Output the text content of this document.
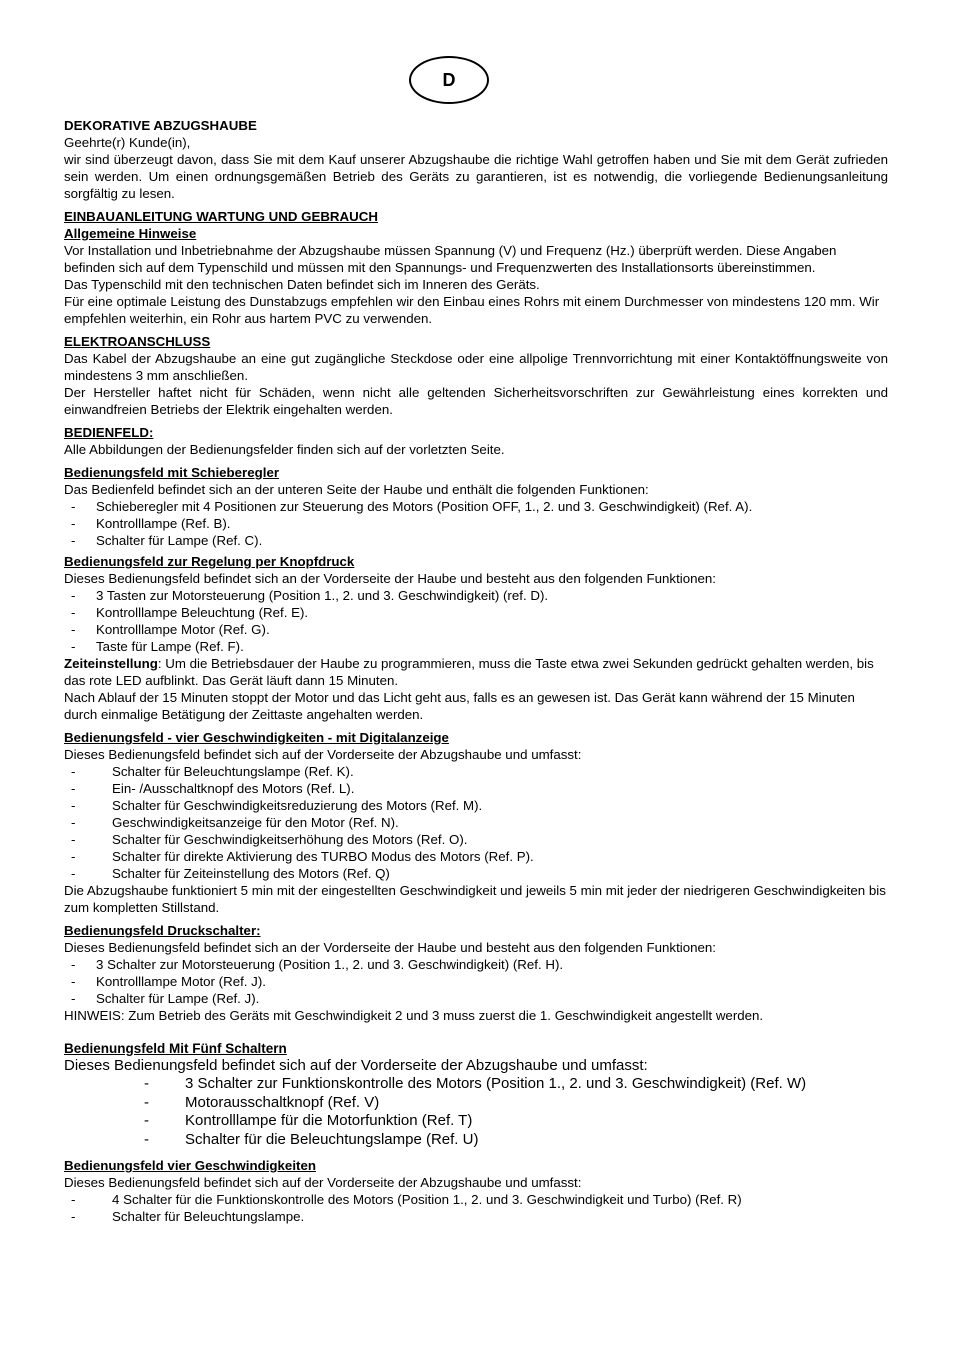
D

DEKORATIVE ABZUGSHAUBE

Geehrte(r) Kunde(in),

wir sind überzeugt davon, dass Sie mit dem Kauf unserer Abzugshaube die richtige Wahl getroffen haben und Sie mit dem Gerät zufrieden sein werden. Um einen ordnungsgemäßen Betrieb des Geräts zu garantieren, ist es notwendig, die vorliegende Bedienungsanleitung sorgfältig zu lesen.

EINBAUANLEITUNG WARTUNG UND GEBRAUCH

Allgemeine Hinweise

Vor Installation und Inbetriebnahme der Abzugshaube müssen Spannung (V) und Frequenz (Hz.) überprüft werden. Diese Angaben befinden sich auf dem Typenschild und müssen mit den Spannungs- und Frequenzwerten des Installationsorts übereinstimmen.

Das Typenschild mit den technischen Daten befindet sich im Inneren des Geräts.

Für eine optimale Leistung des Dunstabzugs empfehlen wir den Einbau eines Rohrs mit einem Durchmesser von mindestens 120 mm. Wir empfehlen weiterhin, ein Rohr aus hartem PVC zu verwenden.

ELEKTROANSCHLUSS

Das Kabel der Abzugshaube an eine gut zugängliche Steckdose oder eine allpolige Trennvorrichtung mit einer Kontaktöffnungsweite von mindestens 3 mm anschließen.

Der Hersteller haftet nicht für Schäden, wenn nicht alle geltenden Sicherheitsvorschriften zur Gewährleistung eines korrekten und einwandfreien Betriebs der Elektrik eingehalten werden.

BEDIENFELD:

Alle Abbildungen der Bedienungsfelder finden sich auf der vorletzten Seite.

Bedienungsfeld mit Schieberegler

Das Bedienfeld befindet sich an der unteren Seite der Haube und enthält die folgenden Funktionen:

- Schieberegler mit 4 Positionen zur Steuerung des Motors (Position OFF, 1., 2. und 3. Geschwindigkeit) (Ref. A).
- Kontrolllampe (Ref. B).
- Schalter für Lampe (Ref. C).

Bedienungsfeld zur Regelung per Knopfdruck

Dieses Bedienungsfeld befindet sich an der Vorderseite der Haube und besteht aus den folgenden Funktionen:

- 3 Tasten zur Motorsteuerung (Position 1., 2. und 3. Geschwindigkeit) (ref. D).
- Kontrolllampe Beleuchtung (Ref. E).
- Kontrolllampe Motor (Ref. G).
- Taste für Lampe (Ref. F).

Zeiteinstellung: Um die Betriebsdauer der Haube zu programmieren, muss die Taste etwa zwei Sekunden gedrückt gehalten werden, bis das rote LED aufblinkt. Das Gerät läuft dann 15 Minuten.

Nach Ablauf der 15 Minuten stoppt der Motor und das Licht geht aus, falls es an gewesen ist. Das Gerät kann während der 15 Minuten durch einmalige Betätigung der Zeittaste angehalten werden.

Bedienungsfeld - vier Geschwindigkeiten - mit Digitalanzeige

Dieses Bedienungsfeld befindet sich auf der Vorderseite der Abzugshaube und umfasst:

-	Schalter für Beleuchtungslampe (Ref. K).
-	Ein- /Ausschaltknopf des Motors (Ref. L).
-	Schalter für Geschwindigkeitsreduzierung des Motors (Ref. M).
-	Geschwindigkeitsanzeige für den Motor (Ref. N).
-	Schalter für Geschwindigkeitserhöhung des Motors (Ref. O).
-	Schalter für direkte Aktivierung des TURBO Modus des Motors (Ref. P).
-	Schalter für Zeiteinstellung des Motors (Ref. Q)

Die Abzugshaube funktioniert 5 min mit der eingestellten Geschwindigkeit und jeweils 5 min mit jeder der niedrigeren Geschwindigkeiten bis zum kompletten Stillstand.

Bedienungsfeld Druckschalter:

Dieses Bedienungsfeld befindet sich an der Vorderseite der Haube und besteht aus den folgenden Funktionen:

- 3 Schalter zur Motorsteuerung (Position 1., 2. und 3. Geschwindigkeit) (Ref. H).
- Kontrolllampe Motor (Ref. J).
- Schalter für Lampe (Ref. J).

HINWEIS: Zum Betrieb des Geräts mit Geschwindigkeit 2 und 3 muss zuerst die 1. Geschwindigkeit angestellt werden.

Bedienungsfeld Mit Fünf Schaltern

Dieses Bedienungsfeld befindet sich auf der Vorderseite der Abzugshaube und umfasst:

- 3 Schalter zur Funktionskontrolle des Motors (Position 1., 2. und 3. Geschwindigkeit) (Ref. W)
- Motorausschaltknopf (Ref. V)
- Kontrolllampe für die Motorfunktion (Ref. T)
- Schalter für die Beleuchtungslampe (Ref. U)

Bedienungsfeld vier Geschwindigkeiten

Dieses Bedienungsfeld befindet sich auf der Vorderseite der Abzugshaube und umfasst:

-	4 Schalter für die Funktionskontrolle des Motors (Position 1., 2. und 3. Geschwindigkeit und Turbo) (Ref. R)
-	Schalter für Beleuchtungslampe.
